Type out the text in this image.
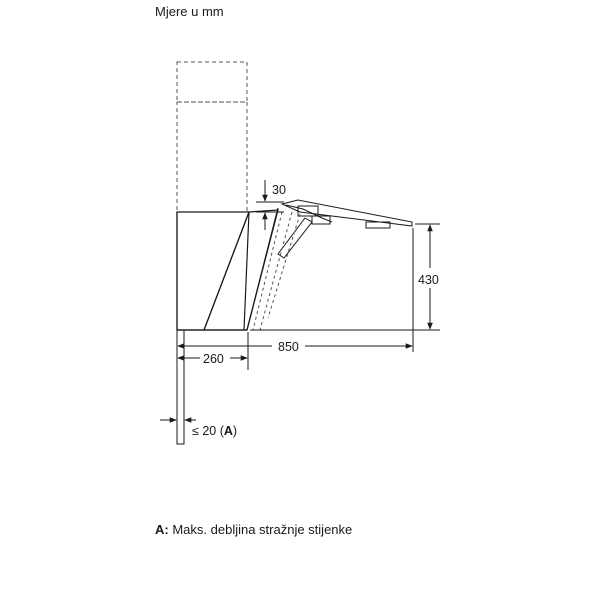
Mjere u mm
30
430
850
260
≤ 20 (A)
A: Maks. debljina stražnje stijenke
